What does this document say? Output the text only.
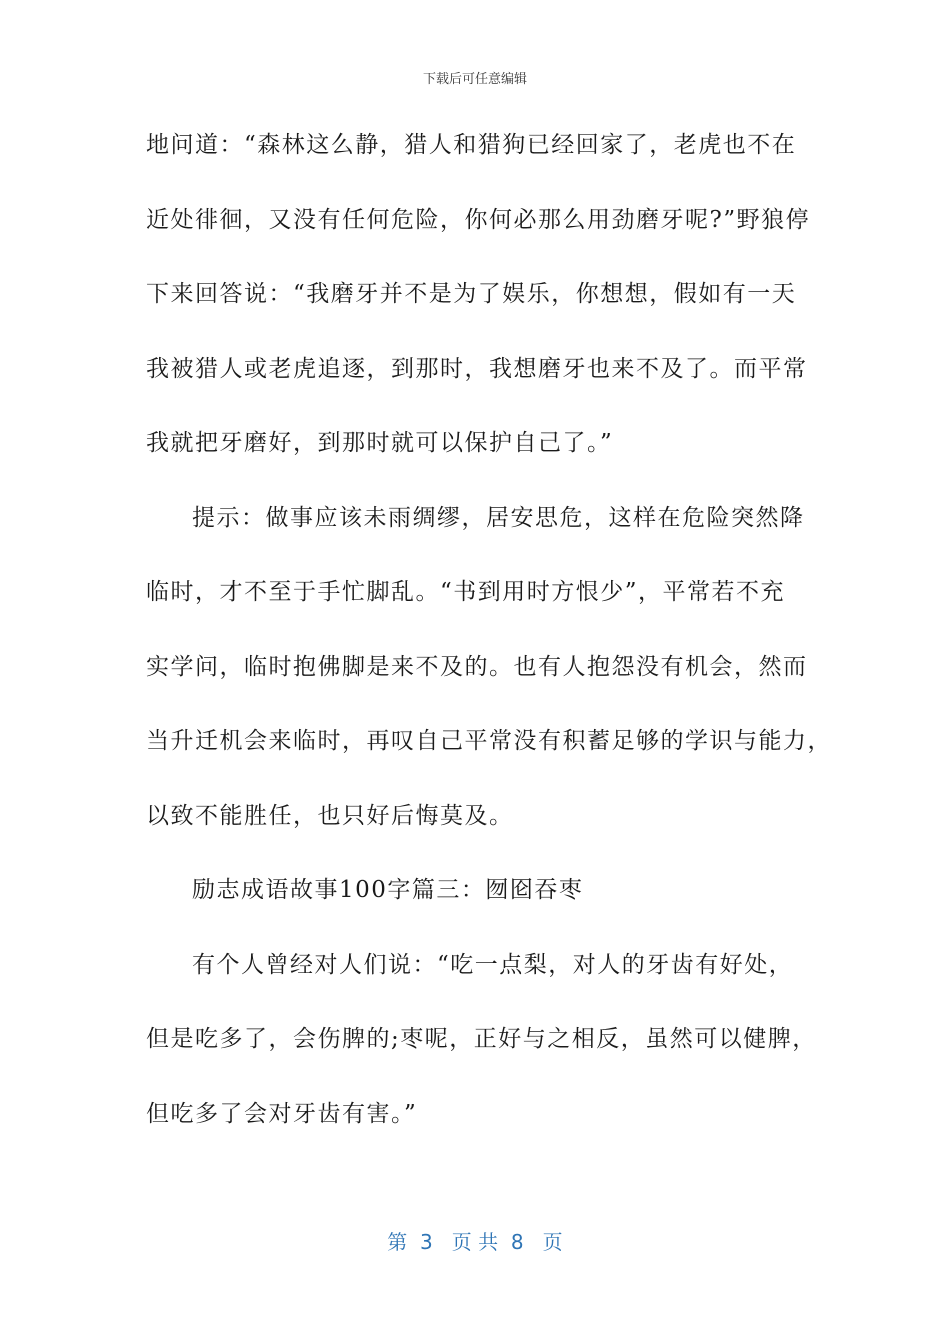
下载后可任意编辑
地问道：“森林这么静，猎人和猎狗已经回家了，老虎也不在
近处徘徊，又没有任何危险，你何必那么用劲磨牙呢?”野狼停
下来回答说：“我磨牙并不是为了娱乐，你想想，假如有一天
我被猎人或老虎追逐，到那时，我想磨牙也来不及了。而平常
我就把牙磨好，到那时就可以保护自己了。”
提示：做事应该未雨绸缪，居安思危，这样在危险突然降
临时，才不至于手忙脚乱。“书到用时方恨少”，平常若不充
实学问，临时抱佛脚是来不及的。也有人抱怨没有机会，然而
当升迁机会来临时，再叹自己平常没有积蓄足够的学识与能力，
以致不能胜任，也只好后悔莫及。
励志成语故事100字篇三：囫囵吞枣
有个人曾经对人们说：“吃一点梨，对人的牙齿有好处，
但是吃多了，会伤脾的;枣呢，正好与之相反，虽然可以健脾，
但吃多了会对牙齿有害。”
第  3   页 共  8   页
